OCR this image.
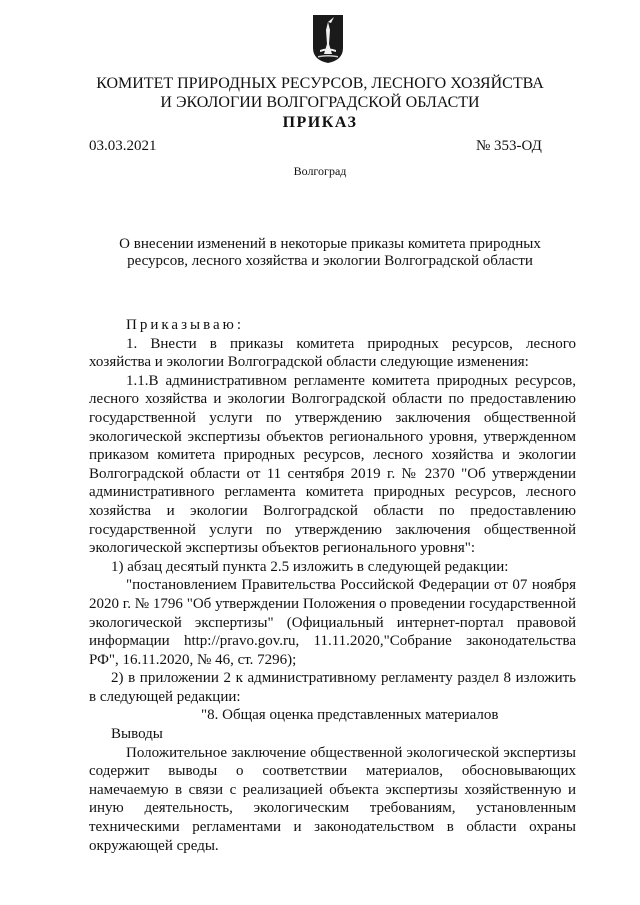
КОМИТЕТ ПРИРОДНЫХ РЕСУРСОВ, ЛЕСНОГО ХОЗЯЙСТВА
И ЭКОЛОГИИ ВОЛГОГРАДСКОЙ ОБЛАСТИ
ПРИКАЗ
03.03.2021	№ 353-ОД
Волгоград
О внесении изменений в некоторые приказы комитета природных ресурсов, лесного хозяйства и экологии Волгоградской области

Приказываю:

1. Внести в приказы комитета природных ресурсов, лесного хозяйства и экологии Волгоградской области следующие изменения:

1.1.В административном регламенте комитета природных ресурсов, лесного хозяйства и экологии Волгоградской области по предоставлению государственной услуги по утверждению заключения общественной экологической экспертизы объектов регионального уровня, утвержденном приказом комитета природных ресурсов, лесного хозяйства и экологии Волгоградской области от 11 сентября 2019 г. № 2370 "Об утверждении административного регламента комитета природных ресурсов, лесного хозяйства и экологии Волгоградской области по предоставлению государственной услуги по утверждению заключения общественной экологической экспертизы объектов регионального уровня":

1) абзац десятый пункта 2.5 изложить в следующей редакции:

"постановлением Правительства Российской Федерации от 07 ноября 2020 г. № 1796 "Об утверждении Положения о проведении государственной экологической экспертизы" (Официальный интернет-портал правовой информации http://pravo.gov.ru, 11.11.2020,"Собрание законодательства РФ", 16.11.2020, № 46, ст. 7296);

2) в приложении 2 к административному регламенту раздел 8 изложить в следующей редакции:

"8. Общая оценка представленных материалов

Выводы

Положительное заключение общественной экологической экспертизы содержит выводы о соответствии материалов, обосновывающих намечаемую в связи с реализацией объекта экспертизы хозяйственную и иную деятельность, экологическим требованиям, установленным техническими регламентами и законодательством в области охраны окружающей среды.
